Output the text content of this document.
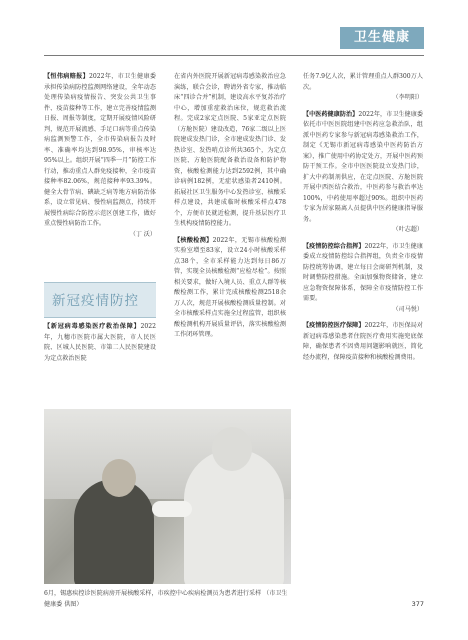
卫生健康

【恒伟病赔报】2022年，市卫生健康委承担传染病防控监测网络建设，全年动态处理传染病疫情报告、突发公共卫生事件、疫苗接种等工作，建立完善疫情监测日报、周报等制度，定期开展疫情风险研判，规范开展流感、手足口病等重点传染病监测预警工作，全市传染病报告及时率、准确率均达到98.95%，审核率达95%以上。组织开展“四季一月”防控工作行动，推动重点人群免疫接种，全市疫苗接种率82.06%，规范接种率93.39%。健全大骨节病、碘缺乏病等地方病防治体系，设立常见病、慢性病监测点，持续开展慢性病综合防控示范区创建工作，做好重点慢性病防治工作。
（丁 沃）

新冠疫情防控

【新冠病毒感染医疗救治保障】2022年，九穗市医院市属大医院，市人民医院、区城人民医院、市第二人民医院建设为定点救治医院

在省内外医院开展新冠病毒感染救治应急演练，联合会诊，聘请外省专家，推动临床“四诊合并”机制，建设高水平复苏治疗中心，增加重症救治床位，规范救治流程。完成2家定点医院、5家亚定点医院（方舱医院）建设改造，76家二级以上医院建成发热门诊，全市建成发热门诊、发热诊室、发热哨点诊所共365个，为定点医院、方舱医院配备救治设备和防护物资，核酸检测能力达到2592例，其中确诊病例182例，无症状感染者2410例。拓展社区卫生服务中心发热诊室、核酸采样点建设，共建成临时核酸采样点478个，方便市民就近检测，提升基层医疗卫生机构疫情防控能力。

【核酸检测】2022年，无锡市核酸检测实验室增至83家，设立24小时核酸采样点38个，全市采样能力达到每日86万管，实现全员核酸检测“应检尽检”。按照相关要求，做好入境人员、重点人群等核酸检测工作，累计完成核酸检测2518余万人次，规范开展核酸检测质量控制。对全市核酸采样点实施全过程监管，组织核酸检测机构开展质量评估，落实核酸检测工作闭环管理。

任务7.9亿人次，累计管理重点人群300万人次。
（李明阳）

【中医药健康防治】2022年，市卫生健康委依托市中医医院组建中医药应急救治队，组派中医药专家参与新冠病毒感染救治工作，制定《无锡市新冠病毒感染中医药防治方案》，推广使用中药协定处方，开展中医药预防干预工作。全市中医医院设立发热门诊，扩大中药制剂供应，在定点医院、方舱医院开展中西医结合救治，中医药参与救治率达100%，中药使用率超过90%。组织中医药专家为居家隔离人员提供中医药健康指导服务。
（叶志超）

【疫情防控综合指挥】2022年，市卫生健康委成立疫情防控综合指挥组，负责全市疫情防控统筹协调，建立每日会商研判机制，及时调整防控措施。全面加强物资储备，建立应急物资保障体系，保障全市疫情防控工作需要。
（司马悦）

【疫情防控医疗保障】2022年，市医保局对新冠病毒感染患者住院医疗费用实施兜底保障，确保患者不因费用问题影响就医，简化经办流程，保障疫苗接种和核酸检测费用。

6月，锡惠疾控诊医院病房开展核酸采样，市疾控中心疾病检测员为患者进行采样 （市卫生健康委 供图）	377
